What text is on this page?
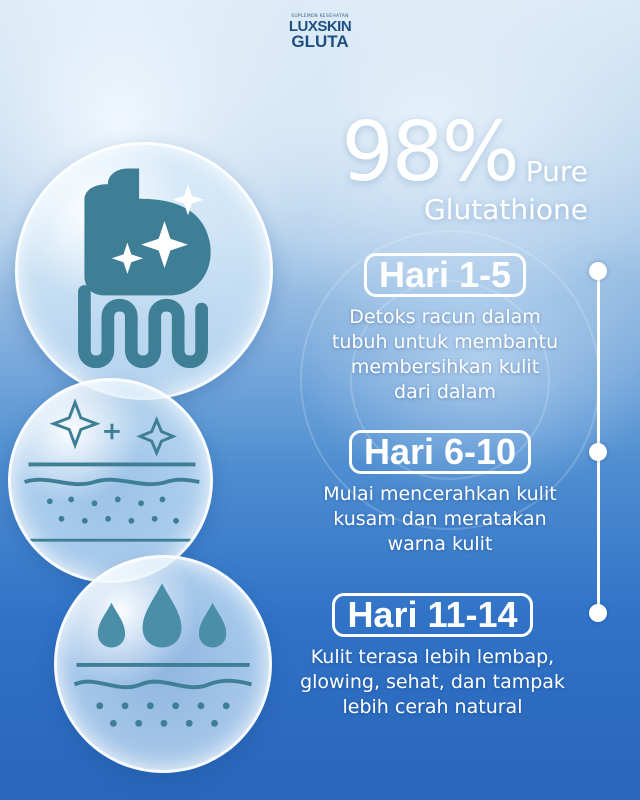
SUPLEMEN KESEHATAN
LUXSKIN
GLUTA
98% Pure
Glutathione
Hari 1-5
Detoks racun dalam
tubuh untuk membantu
membersihkan kulit
dari dalam
Hari 6-10
Mulai mencerahkan kulit
kusam dan meratakan
warna kulit
Hari 11-14
Kulit terasa lebih lembap,
glowing, sehat, dan tampak
lebih cerah natural
